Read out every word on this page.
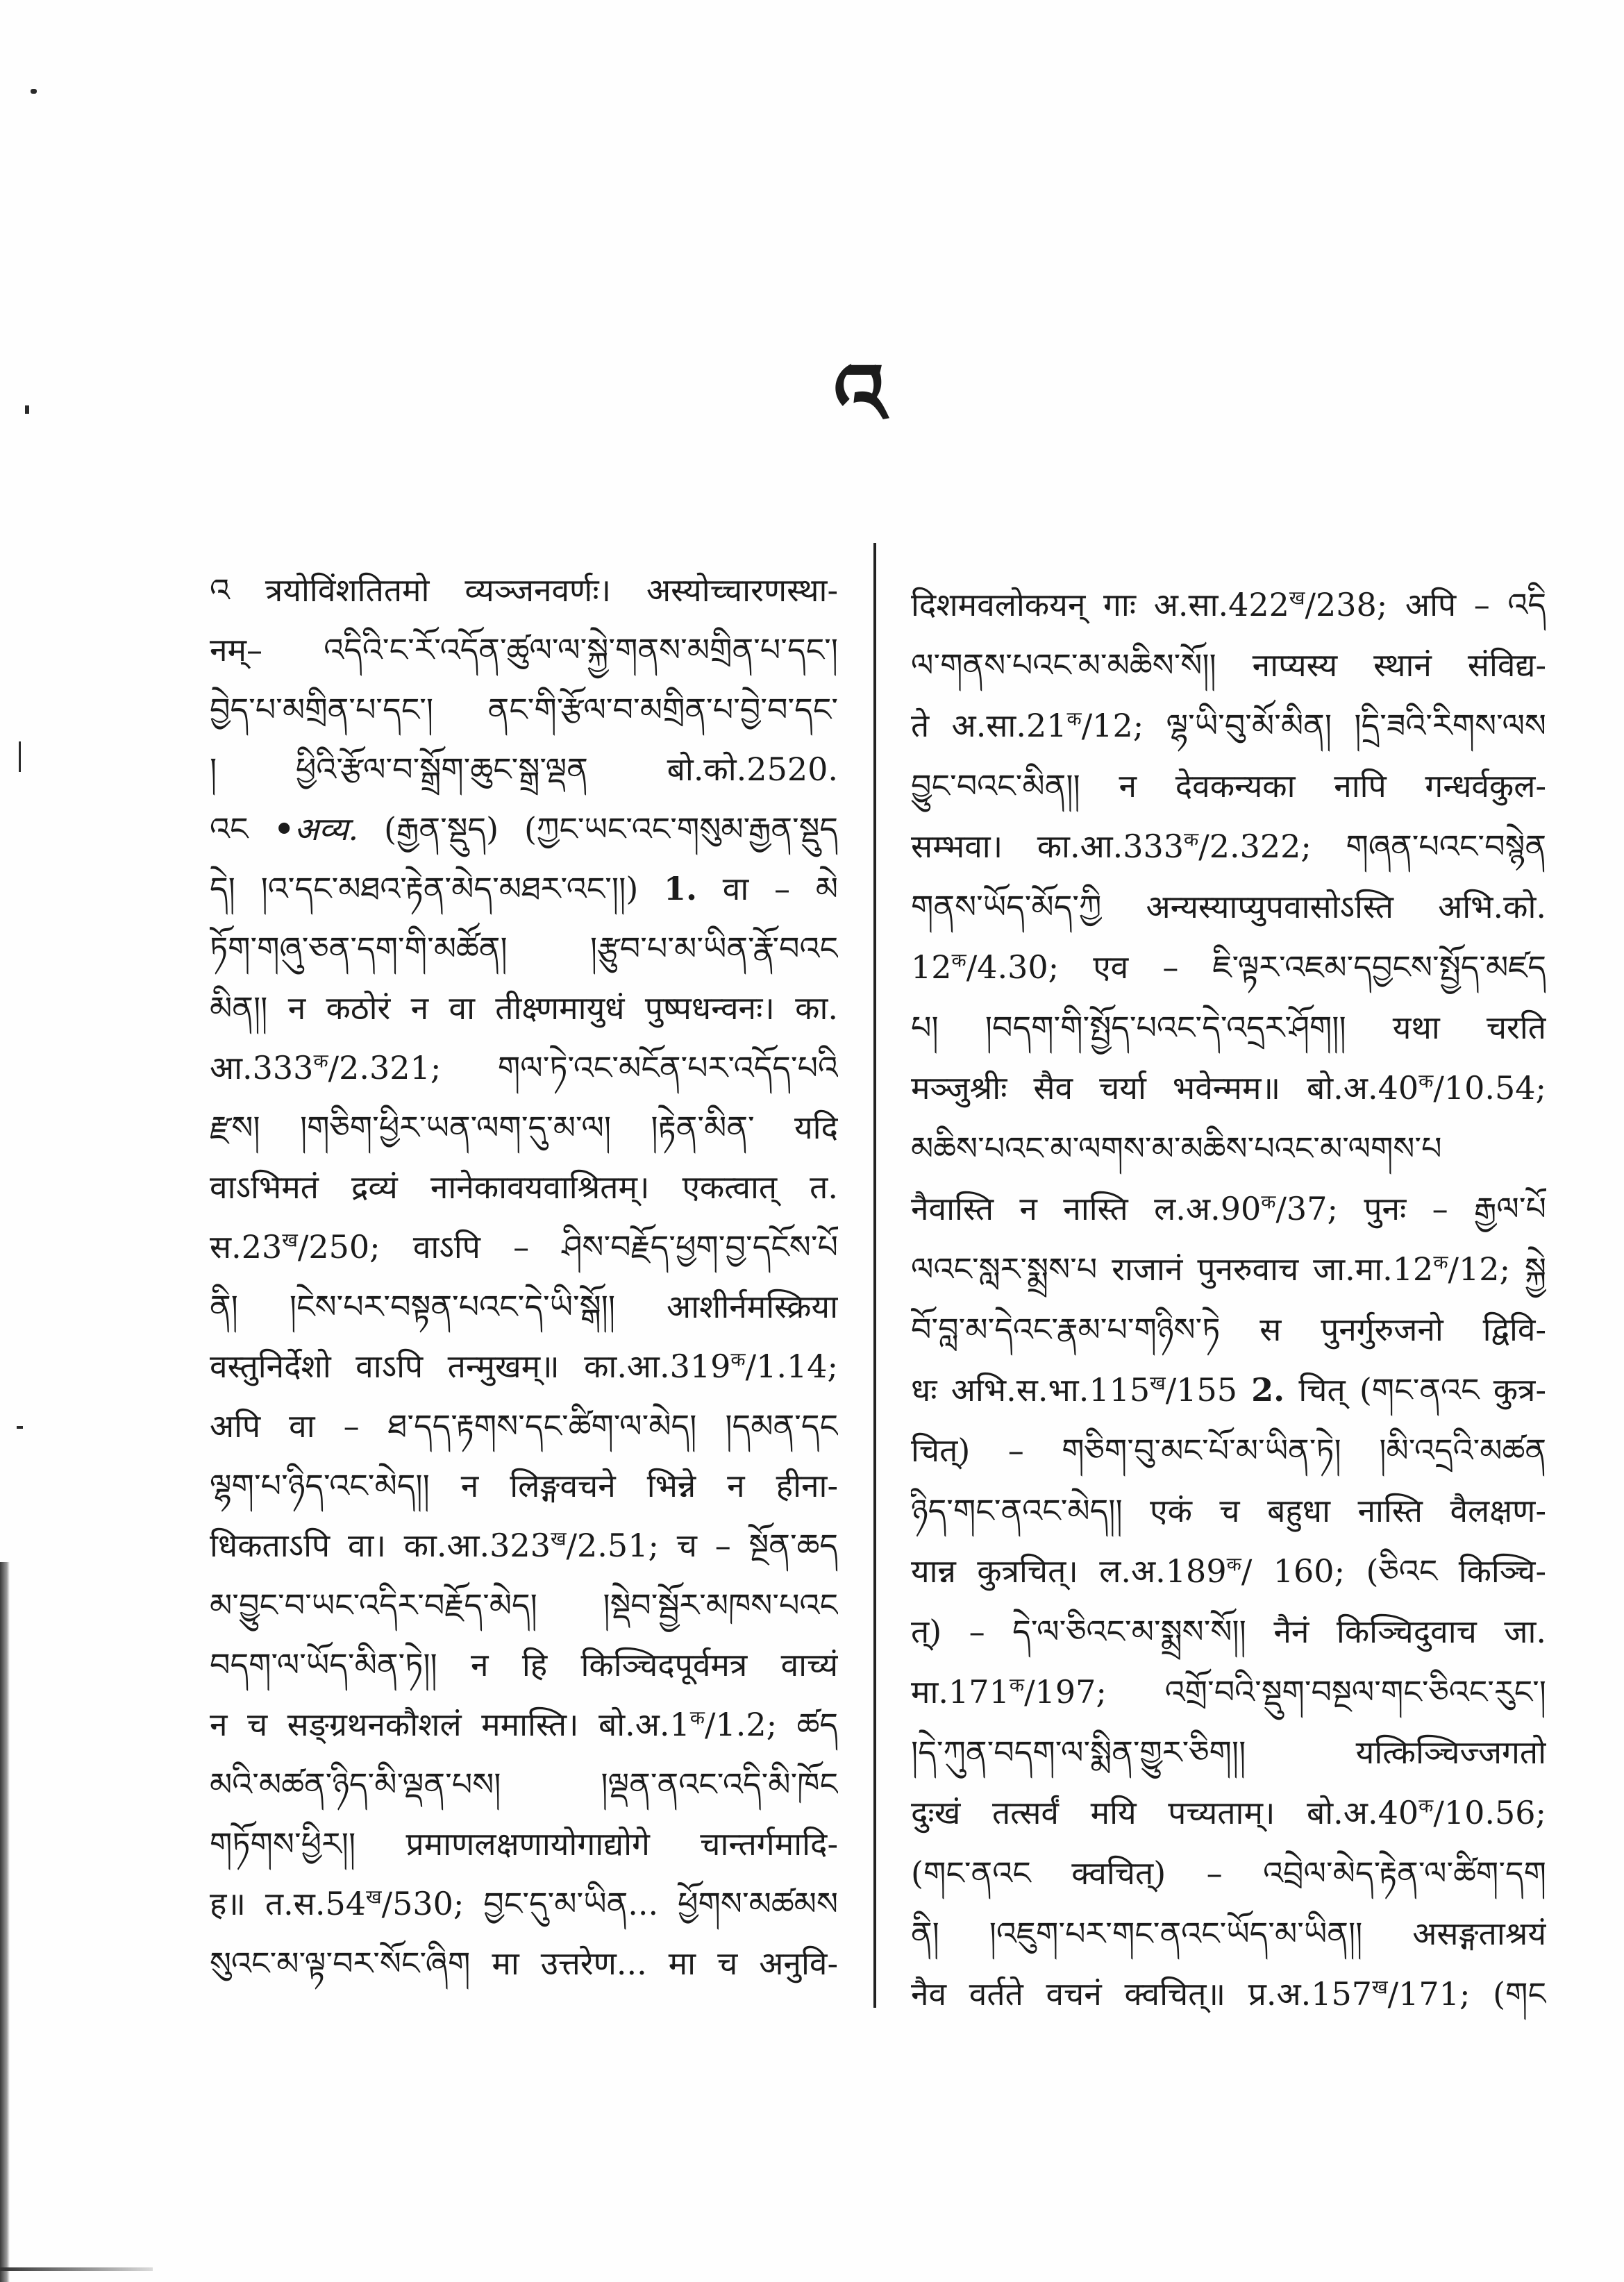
འ
འ त्रयोविंशतितमो व्यञ्जनवर्णः। अस्योच्चारणस्था-
नम्– འདིའི་ང་རོ་འདོན་ཚུལ་ལ་སྐྱེ་གནས་མགྲིན་པ་དང་།
བྱེད་པ་མགྲིན་པ་དང་། ནང་གི་རྩོལ་བ་མགྲིན་པ་བྱེ་བ་དང་
། ཕྱིའི་རྩོལ་བ་སྒྲོག་ཆུང་སྒྲ་ལྡན बो.को.2520.
འང •अव्य. (རྒྱན་སྡུད) (ཀྱང་ཡང་འང་གསུམ་རྒྱན་སྡུད
དེ། །འ་དང་མཐའ་རྟེན་མེད་མཐར་འང་།།) 1. वा – མེ
ཏོག་གཞུ་ཅན་དག་གི་མཚོན། །རྩུབ་པ་མ་ཡིན་རྣོ་བའང
མིན།། न कठोरं न वा तीक्ष्णमायुधं पुष्पधन्वनः। का.
$आ.333^क/2.321$; གལ་ཏེ་འང་མངོན་པར་འདོད་པའི
རྫས། །གཅིག་ཕྱིར་ཡན་ལག་དུ་མ་ལ། །རྟེན་མིན་ यदि
वाऽभिमतं द्रव्यं नानेकावयवाश्रितम्। एकत्वात् त.
$स.23^ख/250$; वाऽपि – ཤིས་བརྗོད་ཕྱག་བྱ་དངོས་པོ
ནི། །ངེས་པར་བསྟན་པའང་དེ་ཡི་སྒོ།། आशीर्नमस्क्रिया
वस्तुनिर्देशो वाऽपि तन्मुखम्॥ $का.आ.319^क/1.14$;
अपि वा – ཐ་དད་རྟགས་དང་ཚིག་ལ་མེད། །དམན་དང
ལྷག་པ་ཉིད་འང་མེད།། न लिङ्गवचने भिन्ने न हीना-
धिकताऽपि वा। $का.आ.323^ख/2.51$; च – སྔོན་ཆད
མ་བྱུང་བ་ཡང་འདིར་བརྗོད་མེད། །སྡེབ་སྦྱོར་མཁས་པའང
བདག་ལ་ཡོད་མིན་ཏེ།། न हि किञ्चिदपूर्वमत्र वाच्यं
न च सङ्ग्रथनकौशलं ममास्ति। $बो.अ.1^क/1.2$; ཚད
མའི་མཚན་ཉིད་མི་ལྡན་པས། །ལྡན་ནའང་འདི་མི་ཁོང
གཏོགས་ཕྱིར།། प्रमाणलक्षणायोगाद्योगे चान्तर्गमादि-
ह॥ $त.स.54^ख/530$; བྱང་དུ་མ་ཡིན... ཕྱོགས་མཚམས
སུའང་མ་ལྟ་བར་སོང་ཞིག मा उत्तरेण... मा च अनुवि-
दिशमवलोकयन् गाः $अ.सा.422^ख/238$; अपि – འདི
ལ་གནས་པའང་མ་མཆིས་སོ།། नाप्यस्य स्थानं संविद्य-
ते $अ.सा.21^क/12$; ལྷ་ཡི་བུ་མོ་མིན། །དྲི་ཟའི་རིགས་ལས
བྱུང་བའང་མིན།། न देवकन्यका नापि गन्धर्वकुल-
सम्भवा। $का.आ.333^क/2.322$; གཞན་པའང་བསྙེན
གནས་ཡོད་མོད་ཀྱི अन्यस्याप्युपवासोऽस्ति अभि.को.
$12^क/4.30$; एव – ཇི་ལྟར་འཇམ་དབྱངས་སྤྱོད་མཛད
པ། །བདག་གི་སྤྱོད་པའང་དེ་འདྲར་ཤོག།། यथा चरति
मञ्जुश्रीः सैव चर्या भवेन्मम॥ $बो.अ.40^क/10.54$;
མཆིས་པའང་མ་ལགས་མ་མཆིས་པའང་མ་ལགས་པ
नैवास्ति न नास्ति $ल.अ.90^क/37$; पुनः – རྒྱལ་པོ
ལའང་སླར་སྨྲས་པ राजानं पुनरुवाच $जा.मा.12^क/12$; སྐྱེ
བོ་བླ་མ་དེའང་རྣམ་པ་གཉིས་ཏེ स पुनर्गुरुजनो द्विवि-
धः $अभि.स.भा.115^ख/155$ 2. चित् (གང་ནའང कुत्र-
चित्) – གཅིག་བུ་མང་པོ་མ་ཡིན་ཏེ། །མི་འདྲའི་མཚན
ཉིད་གང་ནའང་མེད།། एकं च बहुधा नास्ति वैलक्षण-
यान्न कुत्रचित्। $ल.अ.189^क/$ 160; (ཅིའང किञ्चि-
त्) – དེ་ལ་ཅིའང་མ་སྨྲས་སོ།། नैनं किञ्चिदुवाच जा.
$मा.171^क/197$; འགྲོ་བའི་སྡུག་བསྔལ་གང་ཅིའང་རུང་།
།དེ་ཀུན་བདག་ལ་སྨིན་གྱུར་ཅིག།། यत्किञ्चिज्जगतो
दुःखं तत्सर्वं मयि पच्यताम्। $बो.अ.40^क/10.56$;
(གང་ནའང क्वचित्) – འབྲེལ་མེད་རྟེན་ལ་ཚིག་དག
ནི། །འཇུག་པར་གང་ནའང་ཡོད་མ་ཡིན།། असङ्गताश्रयं
नैव वर्तते वचनं क्वचित्॥ $प्र.अ.157^ख/171$; (གང
